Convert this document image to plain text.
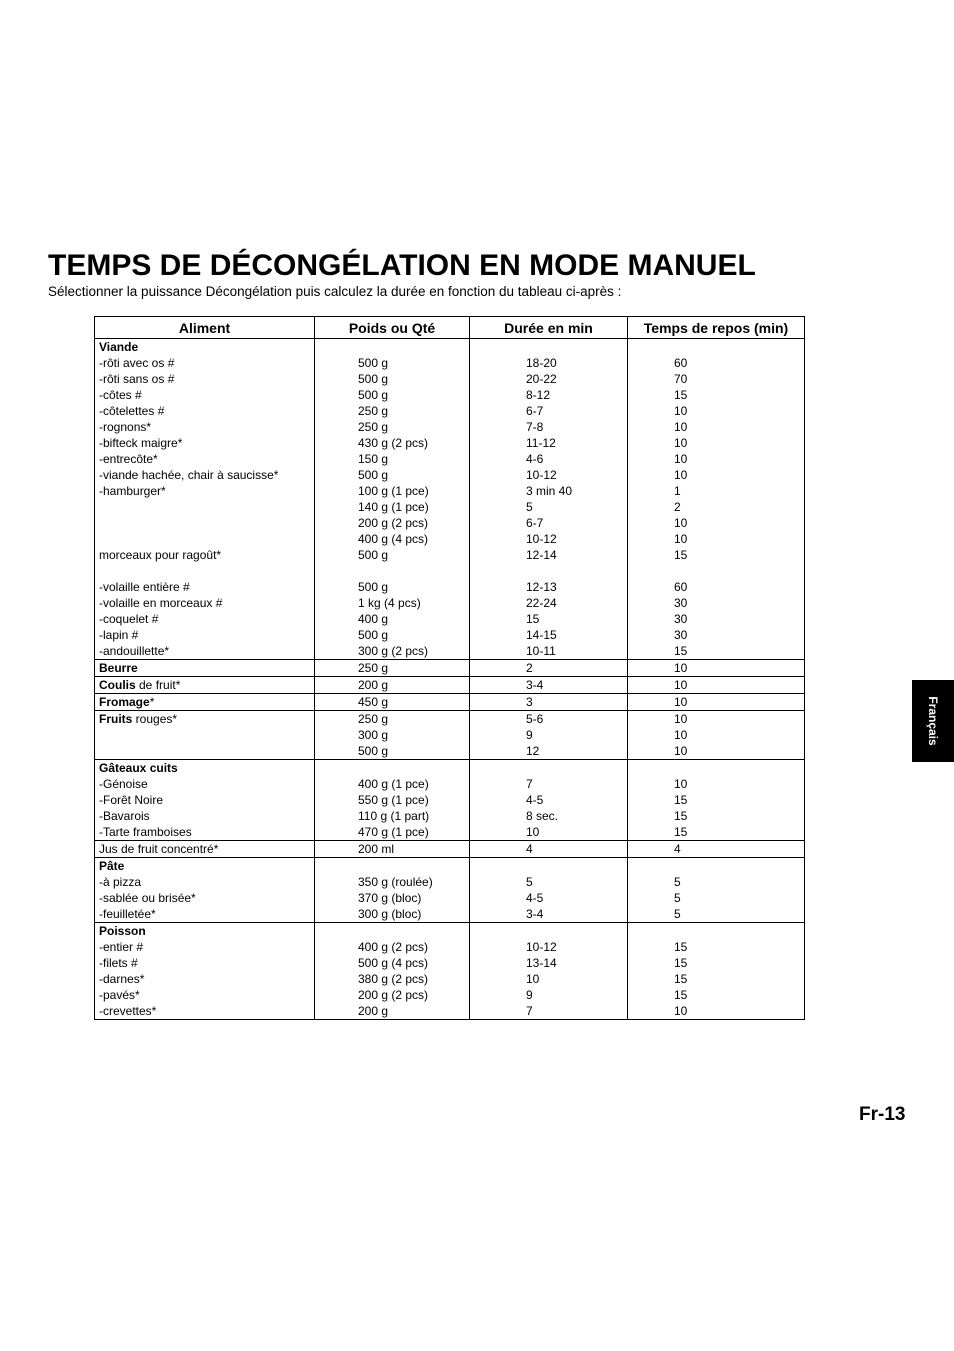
TEMPS DE DÉCONGÉLATION EN MODE MANUEL

Sélectionner la puissance Décongélation puis calculez la durée en fonction du tableau ci-après :

Aliment	Poids ou Qté	Durée en min	Temps de repos (min)
Viande			
-rôti avec os #	500 g	18-20	60
-rôti sans os #	500 g	20-22	70
-côtes #	500 g	8-12	15
-côtelettes #	250 g	6-7	10
-rognons*	250 g	7-8	10
-bifteck maigre*	430 g (2 pcs)	11-12	10
-entrecôte*	150 g	4-6	10
-viande hachée, chair à saucisse*	500 g	10-12	10
-hamburger*	100 g (1 pce)	3 min 40	1
	140 g (1 pce)	5	2
	200 g (2 pcs)	6-7	10
	400 g (4 pcs)	10-12	10
morceaux pour ragoût*	500 g	12-14	15

-volaille entière #	500 g	12-13	60
-volaille en morceaux #	1 kg (4 pcs)	22-24	30
-coquelet #	400 g	15	30
-lapin #	500 g	14-15	30
-andouillette*	300 g (2 pcs)	10-11	15
Beurre	250 g	2	10
Coulis de fruit*	200 g	3-4	10
Fromage*	450 g	3	10
Fruits rouges*	250 g	5-6	10
	300 g	9	10
	500 g	12	10
Gâteaux cuits			
-Génoise	400 g (1 pce)	7	10
-Forêt Noire	550 g (1 pce)	4-5	15
-Bavarois	110 g (1 part)	8 sec.	15
-Tarte framboises	470 g (1 pce)	10	15
Jus de fruit concentré*	200 ml	4	4
Pâte			
-à pizza	350 g (roulée)	5	5
-sablée ou brisée*	370 g (bloc)	4-5	5
-feuilletée*	300 g (bloc)	3-4	5
Poisson			
-entier #	400 g (2 pcs)	10-12	15
-filets #	500 g (4 pcs)	13-14	15
-darnes*	380 g (2 pcs)	10	15
-pavés*	200 g (2 pcs)	9	15
-crevettes*	200 g	7	10
Français
Fr-13
